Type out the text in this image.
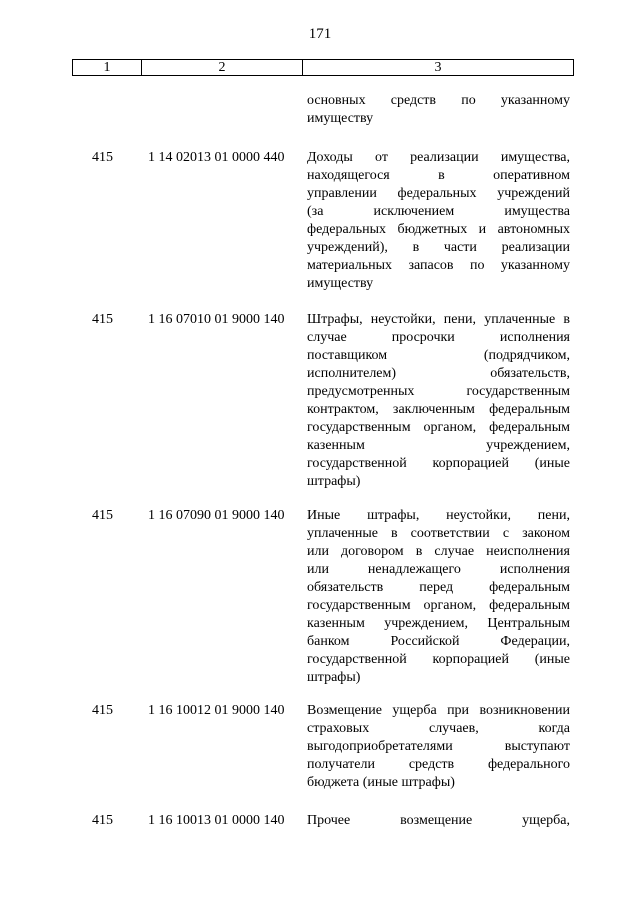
171
1	2	3
основных средств по указанному
имуществу
415	1 14 02013 01 0000 440	Доходы от реализации имущества,
находящегося в оперативном
управлении федеральных учреждений
(за исключением имущества
федеральных бюджетных и автономных
учреждений), в части реализации
материальных запасов по указанному
имуществу
415	1 16 07010 01 9000 140	Штрафы, неустойки, пени, уплаченные в
случае просрочки исполнения
поставщиком (подрядчиком,
исполнителем) обязательств,
предусмотренных государственным
контрактом, заключенным федеральным
государственным органом, федеральным
казенным учреждением,
государственной корпорацией (иные
штрафы)
415	1 16 07090 01 9000 140	Иные штрафы, неустойки, пени,
уплаченные в соответствии с законом
или договором в случае неисполнения
или ненадлежащего исполнения
обязательств перед федеральным
государственным органом, федеральным
казенным учреждением, Центральным
банком Российской Федерации,
государственной корпорацией (иные
штрафы)
415	1 16 10012 01 9000 140	Возмещение ущерба при возникновении
страховых случаев, когда
выгодоприобретателями выступают
получатели средств федерального
бюджета (иные штрафы)
415	1 16 10013 01 0000 140	Прочее возмещение ущерба,
